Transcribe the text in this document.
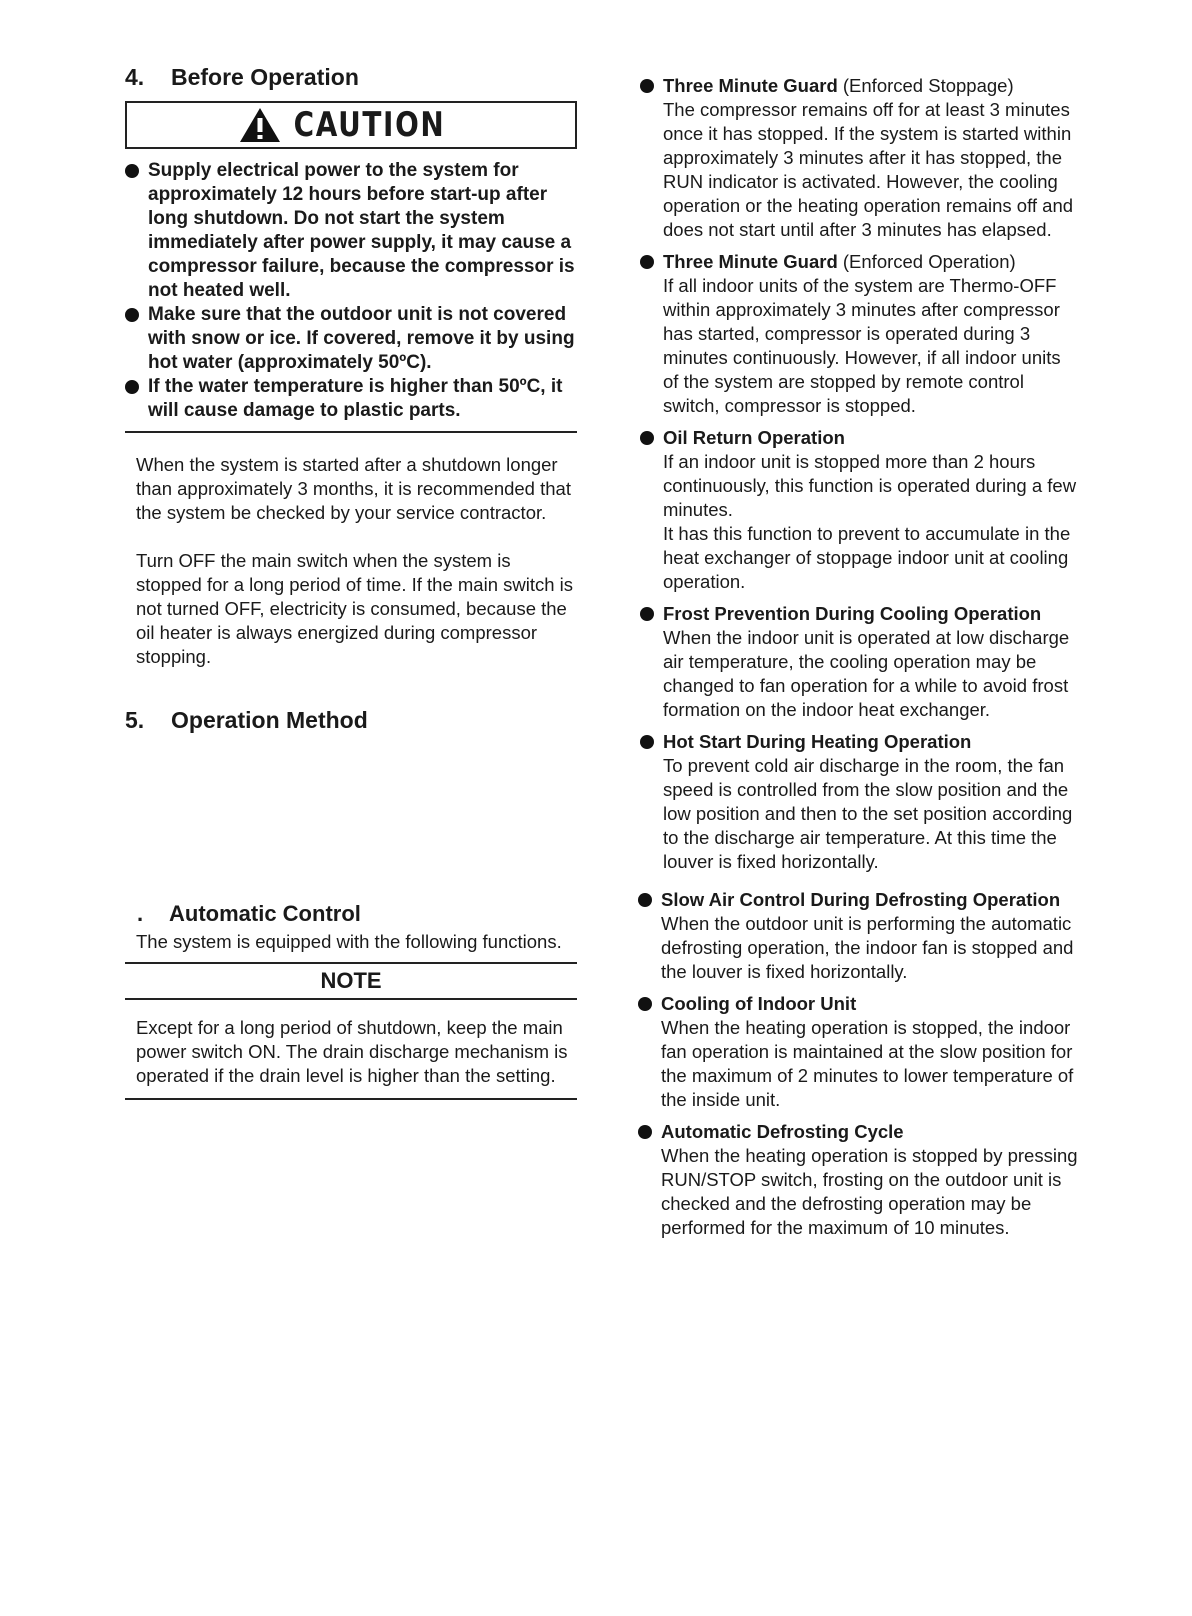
4.	Before Operation
CAUTION
Supply electrical power to the system for approximately 12 hours before start-up after long shutdown. Do not start the system immediately after power supply, it may cause a compressor failure, because the compressor is not heated well.
Make sure that the outdoor unit is not covered with snow or ice. If covered, remove it by using hot water (approximately 50ºC).
If the water temperature is higher than 50ºC, it will cause damage to plastic parts.

When the system is started after a shutdown longer than approximately 3 months, it is recommended that the system be checked by your service contractor.

Turn OFF the main switch when the system is stopped for a long period of time. If the main switch is not turned OFF, electricity is consumed, because the oil heater is always energized during compressor stopping.

5.	Operation Method
.	Automatic Control

The system is equipped with the following functions.

NOTE

Except for a long period of shutdown, keep the main power switch ON. The drain discharge mechanism is operated if the drain level is higher than the setting.

Three Minute Guard (Enforced Stoppage)
The compressor remains off for at least 3 minutes once it has stopped. If the system is started within approximately 3 minutes after it has stopped, the RUN indicator is activated. However, the cooling operation or the heating operation remains off and does not start until after 3 minutes has elapsed.
Three Minute Guard (Enforced Operation)
If all indoor units of the system are Thermo-OFF within approximately 3 minutes after compressor has started, compressor is operated during 3 minutes continuously. However, if all indoor units of the system are stopped by remote control switch, compressor is stopped.
Oil Return Operation
If an indoor unit is stopped more than 2 hours continuously, this function is operated during a few minutes.
It has this function to prevent to accumulate in the heat exchanger of stoppage indoor unit at cooling operation.
Frost Prevention During Cooling Operation
When the indoor unit is operated at low discharge air temperature, the cooling operation may be changed to fan operation for a while to avoid frost formation on the indoor heat exchanger.
Hot Start During Heating Operation
To prevent cold air discharge in the room, the fan speed is controlled from the slow position and the low position and then to the set position according to the discharge air temperature. At this time the louver is fixed horizontally.
Slow Air Control During Defrosting Operation
When the outdoor unit is performing the automatic defrosting operation, the indoor fan is stopped and the louver is fixed horizontally.
Cooling of Indoor Unit
When the heating operation is stopped, the indoor fan operation is maintained at the slow position for the maximum of 2 minutes to lower temperature of the inside unit.
Automatic Defrosting Cycle
When the heating operation is stopped by pressing RUN/STOP switch, frosting on the outdoor unit is checked and the defrosting operation may be performed for the maximum of 10 minutes.
